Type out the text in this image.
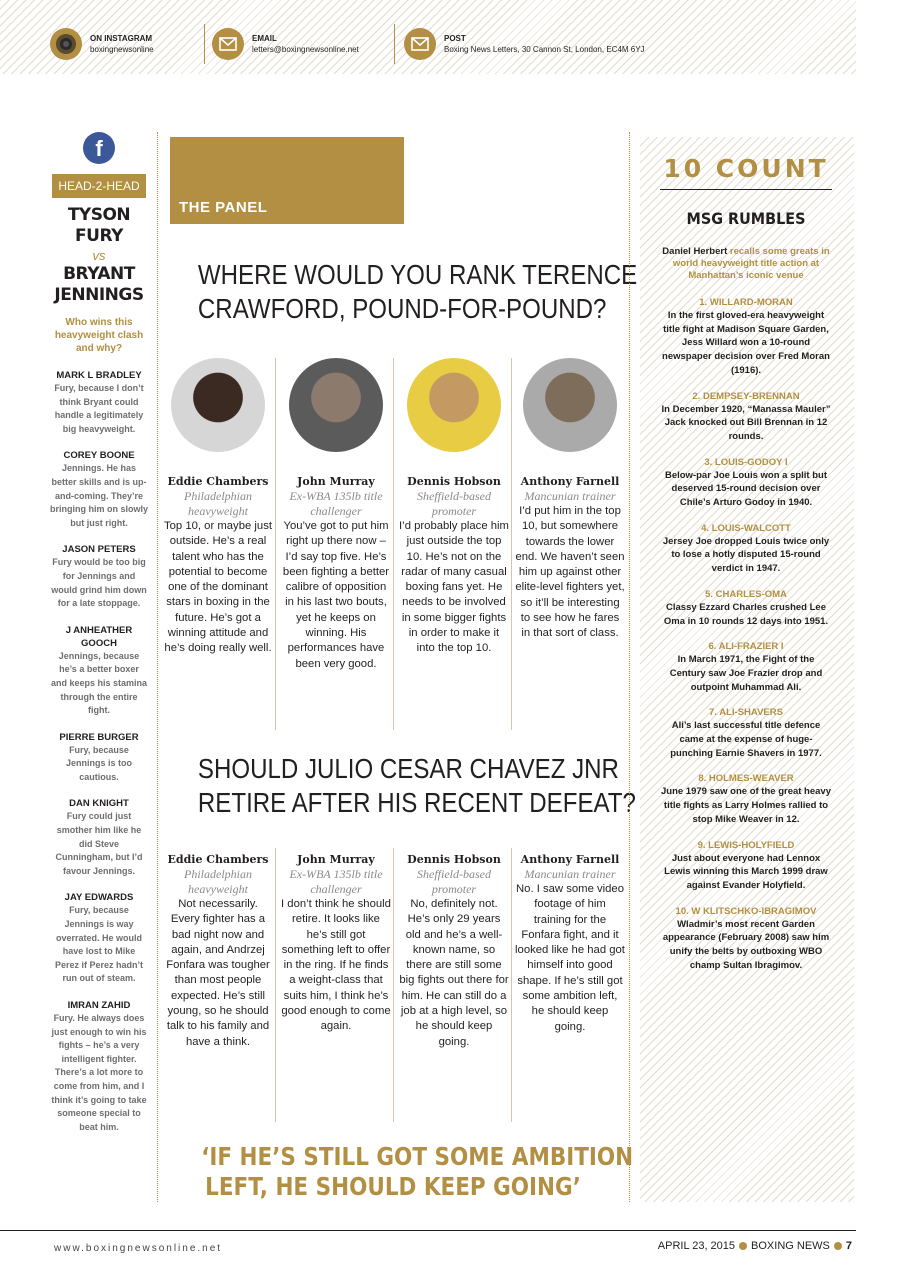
ON INSTAGRAM
boxingnewsonline
EMAIL
letters@boxingnewsonline.net
POST
Boxing News Letters, 30 Cannon St, London, EC4M 6YJ
f
HEAD-2-HEAD
TYSON
FURY
vs
BRYANT
JENNINGS
Who wins this heavyweight clash and why?
MARK L BRADLEY
Fury, because I don’t think Bryant could handle a legitimately big heavyweight.
COREY BOONE
Jennings. He has better skills and is up-and-coming. They’re bringing him on slowly but just right.
JASON PETERS
Fury would be too big for Jennings and would grind him down for a late stoppage.
J ANHEATHER GOOCH
Jennings, because he’s a better boxer and keeps his stamina through the entire fight.
PIERRE BURGER
Fury, because Jennings is too cautious.
DAN KNIGHT
Fury could just smother him like he did Steve Cunningham, but I’d favour Jennings.
JAY EDWARDS
Fury, because Jennings is way overrated. He would have lost to Mike Perez if Perez hadn’t run out of steam.
IMRAN ZAHID
Fury. He always does just enough to win his fights – he’s a very intelligent fighter. There’s a lot more to come from him, and I think it’s going to take someone special to beat him.
THE PANEL
WHERE WOULD YOU RANK TERENCE
CRAWFORD, POUND-FOR-POUND?
SHOULD JULIO CESAR CHAVEZ JNR
RETIRE AFTER HIS RECENT DEFEAT?
Eddie Chambers
Philadelphian heavyweight
Top 10, or maybe just outside. He’s a real talent who has the potential to become one of the dominant stars in boxing in the future. He’s got a winning attitude and he’s doing really well.
John Murray
Ex-WBA 135lb title challenger
You’ve got to put him right up there now – I’d say top five. He’s been fighting a better calibre of opposition in his last two bouts, yet he keeps on winning. His performances have been very good.
Dennis Hobson
Sheffield-based promoter
I’d probably place him just outside the top 10. He’s not on the radar of many casual boxing fans yet. He needs to be involved in some bigger fights in order to make it into the top 10.
Anthony Farnell
Mancunian trainer
I’d put him in the top 10, but somewhere towards the lower end. We haven’t seen him up against other elite-level fighters yet, so it’ll be interesting to see how he fares in that sort of class.
Eddie Chambers
Philadelphian heavyweight
Not necessarily. Every fighter has a bad night now and again, and Andrzej Fonfara was tougher than most people expected. He’s still young, so he should talk to his family and have a think.
John Murray
Ex-WBA 135lb title challenger
I don’t think he should retire. It looks like he’s still got something left to offer in the ring. If he finds a weight-class that suits him, I think he’s good enough to come again.
Dennis Hobson
Sheffield-based promoter
No, definitely not. He’s only 29 years old and he’s a well-known name, so there are still some big fights out there for him. He can still do a job at a high level, so he should keep going.
Anthony Farnell
Mancunian trainer
No. I saw some video footage of him training for the Fonfara fight, and it looked like he had got himself into good shape. If he’s still got some ambition left, he should keep going.
‘IF HE’S STILL GOT SOME AMBITION
LEFT, HE SHOULD KEEP GOING’
10 COUNT
MSG RUMBLES
Daniel Herbert recalls some greats in world heavyweight title action at Manhattan’s iconic venue
1. WILLARD-MORAN
In the first gloved-era heavyweight title fight at Madison Square Garden, Jess Willard won a 10-round newspaper decision over Fred Moran (1916).
2. DEMPSEY-BRENNAN
In December 1920, “Manassa Mauler” Jack knocked out Bill Brennan in 12 rounds.
3. LOUIS-GODOY I
Below-par Joe Louis won a split but deserved 15-round decision over Chile’s Arturo Godoy in 1940.
4. LOUIS-WALCOTT
Jersey Joe dropped Louis twice only to lose a hotly disputed 15-round verdict in 1947.
5. CHARLES-OMA
Classy Ezzard Charles crushed Lee Oma in 10 rounds 12 days into 1951.
6. ALI-FRAZIER I
In March 1971, the Fight of the Century saw Joe Frazier drop and outpoint Muhammad Ali.
7. ALI-SHAVERS
Ali’s last successful title defence came at the expense of huge-punching Earnie Shavers in 1977.
8. HOLMES-WEAVER
June 1979 saw one of the great heavy title fights as Larry Holmes rallied to stop Mike Weaver in 12.
9. LEWIS-HOLYFIELD
Just about everyone had Lennox Lewis winning this March 1999 draw against Evander Holyfield.
10. W KLITSCHKO-IBRAGIMOV
Wladmir’s most recent Garden appearance (February 2008) saw him unify the belts by outboxing WBO champ Sultan Ibragimov.
www.boxingnewsonline.net	APRIL 23, 2015 BOXING NEWS 7
